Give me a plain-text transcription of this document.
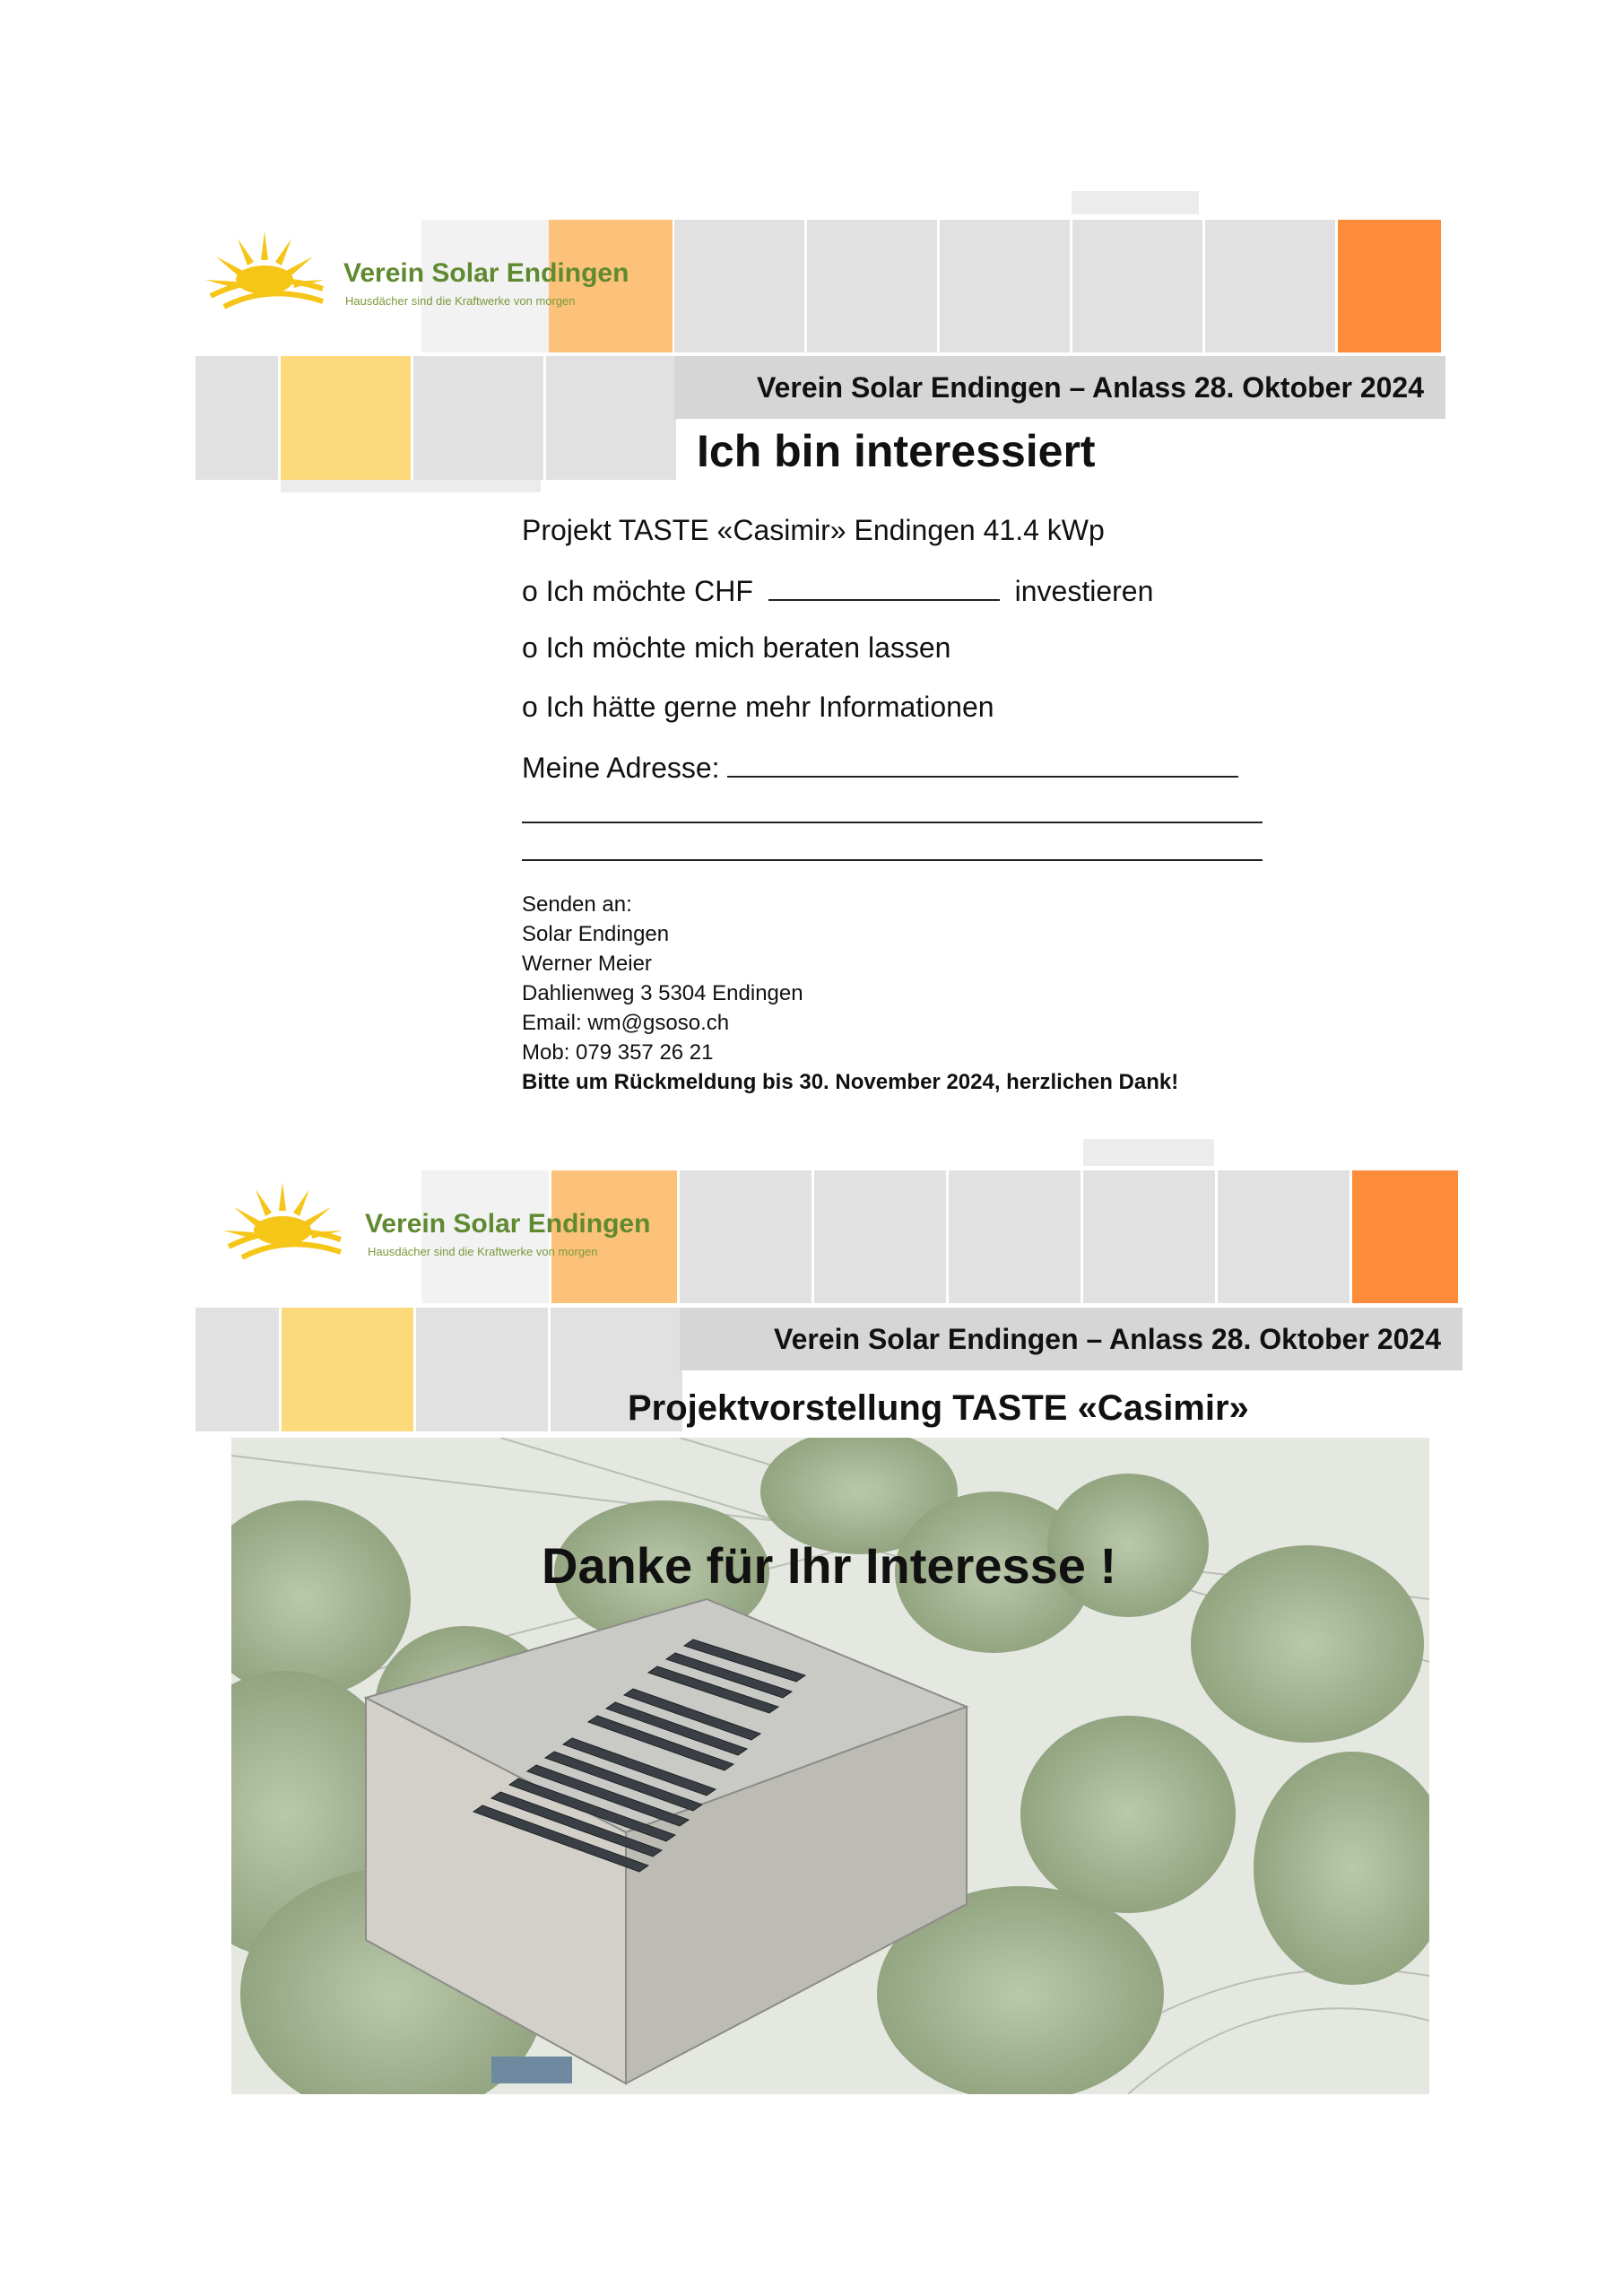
Verein Solar Endingen – Anlass 28. Oktober 2024
Verein Solar Endingen
Hausdächer sind die Kraftwerke von morgen
Ich bin interessiert
Projekt TASTE «Casimir» Endingen 41.4 kWp
o Ich möchte CHF	investieren
o Ich möchte mich beraten lassen
o Ich hätte gerne mehr Informationen
Meine Adresse:
Senden an:
Solar Endingen
Werner Meier
Dahlienweg 3 5304 Endingen
Email: wm@gsoso.ch
Mob: 079 357 26 21
Bitte um Rückmeldung bis 30. November 2024, herzlichen Dank!
Verein Solar Endingen – Anlass 28. Oktober 2024
Verein Solar Endingen
Hausdächer sind die Kraftwerke von morgen
Projektvorstellung TASTE «Casimir»
Danke für Ihr Interesse !
